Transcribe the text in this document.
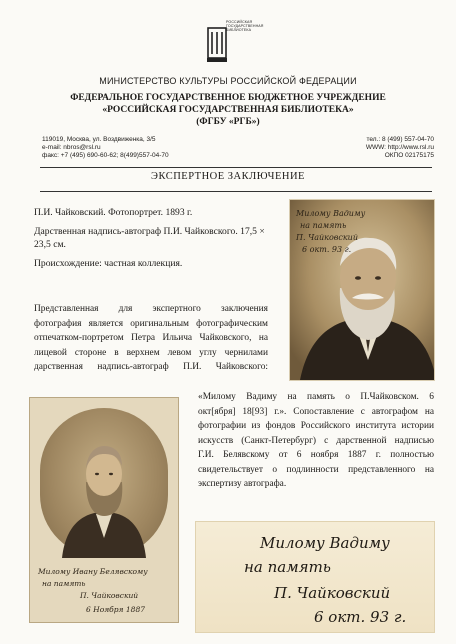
РОССИЙСКАЯ
ГОСУДАРСТВЕННАЯ
БИБЛИОТЕКА
МИНИСТЕРСТВО КУЛЬТУРЫ РОССИЙСКОЙ ФЕДЕРАЦИИ
ФЕДЕРАЛЬНОЕ ГОСУДАРСТВЕННОЕ БЮДЖЕТНОЕ УЧРЕЖДЕНИЕ
«РОССИЙСКАЯ ГОСУДАРСТВЕННАЯ БИБЛИОТЕКА»
(ФГБУ «РГБ»)
119019, Москва, ул. Воздвиженка, 3/5
e-mail: nbros@rsl.ru
факс: +7 (495) 690-60-62; 8(499)557-04-70
тел.: 8 (499) 557-04-70
WWW: http://www.rsl.ru
ОКПО 02175175
ЭКСПЕРТНОЕ ЗАКЛЮЧЕНИЕ

П.И. Чайковский. Фотопортрет. 1893 г.

Дарственная надпись-автограф П.И. Чайковского. 17,5 × 23,5 см.

Происхождение: частная коллекция.

Милому Вадиму
на память
П. Чайковский
6 окт. 93 г.
Представленная для экспертного заключения
фотография является оригинальным фотографическим
отпечатком-портретом Петра Ильича Чайковского, на
лицевой стороне в верхнем левом углу чернилами
дарственная надпись-автограф П.И. Чайковского:
«Милому Вадиму на память о П.Чайковском. 6
окт[ября] 18[93] г.». Сопоставление с автографом на
фотографии из фондов Российского института истории
искусств (Санкт-Петербург) с дарственной надписью
Г.И. Белявскому от 6 ноября 1887 г. полностью
свидетельствует о подлинности представленного на
экспертизу автографа.
Милому Ивану Белявскому
на память
П. Чайковский
6 Ноября 1887
Милому Вадиму
на память
П. Чайковский
6 окт. 93 г.
